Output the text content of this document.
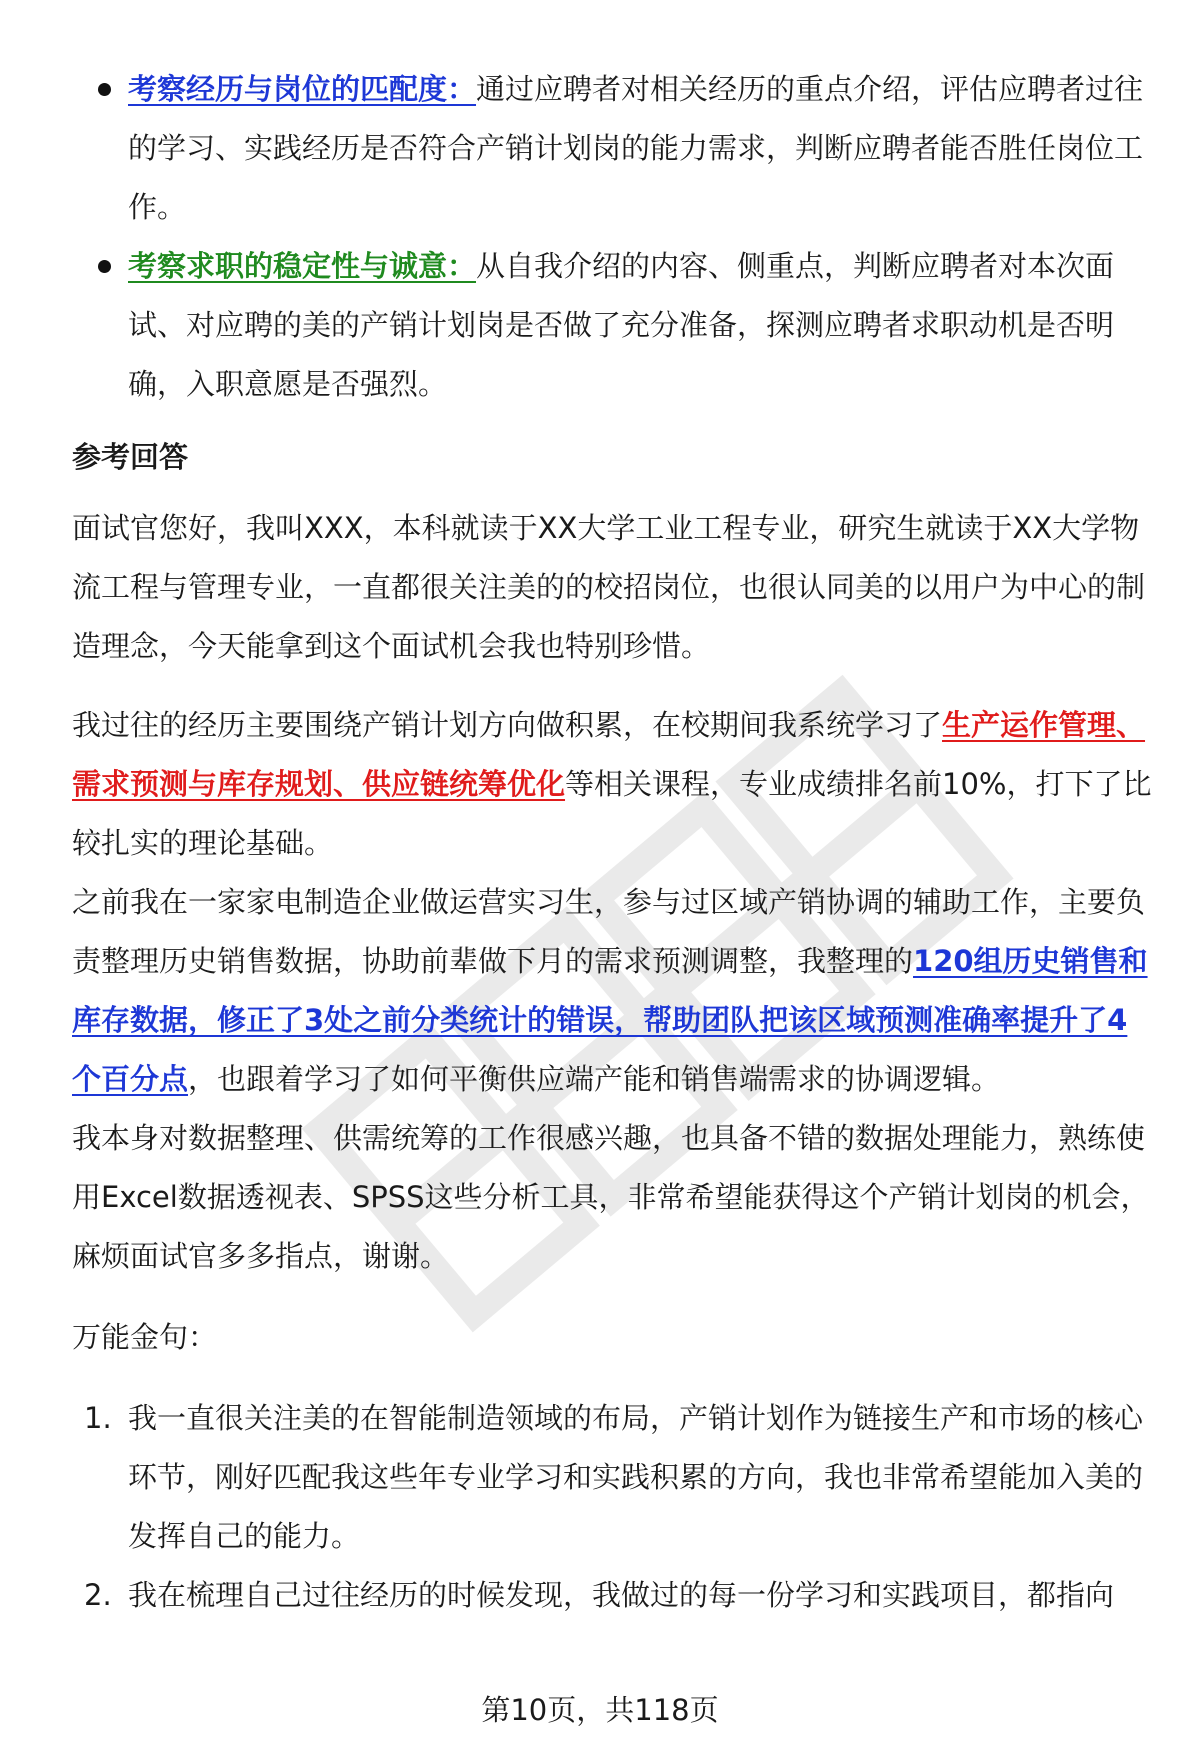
考察经历与岗位的匹配度：通过应聘者对相关经历的重点介绍，评估应聘者过往的学习、实践经历是否符合产销计划岗的能力需求，判断应聘者能否胜任岗位工作。
考察求职的稳定性与诚意：从自我介绍的内容、侧重点，判断应聘者对本次面试、对应聘的美的产销计划岗是否做了充分准备，探测应聘者求职动机是否明确，入职意愿是否强烈。
参考回答

面试官您好，我叫XXX，本科就读于XX大学工业工程专业，研究生就读于XX大学物流工程与管理专业，一直都很关注美的的校招岗位，也很认同美的以用户为中心的制造理念，今天能拿到这个面试机会我也特别珍惜。

我过往的经历主要围绕产销计划方向做积累，在校期间我系统学习了生产运作管理、需求预测与库存规划、供应链统筹优化等相关课程，专业成绩排名前10%，打下了比较扎实的理论基础。

之前我在一家家电制造企业做运营实习生，参与过区域产销协调的辅助工作，主要负责整理历史销售数据，协助前辈做下月的需求预测调整，我整理的120组历史销售和库存数据，修正了3处之前分类统计的错误，帮助团队把该区域预测准确率提升了4个百分点，也跟着学习了如何平衡供应端产能和销售端需求的协调逻辑。

我本身对数据整理、供需统筹的工作很感兴趣，也具备不错的数据处理能力，熟练使用Excel数据透视表、SPSS这些分析工具，非常希望能获得这个产销计划岗的机会，麻烦面试官多多指点，谢谢。

万能金句：

1. 我一直很关注美的在智能制造领域的布局，产销计划作为链接生产和市场的核心环节，刚好匹配我这些年专业学习和实践积累的方向，我也非常希望能加入美的发挥自己的能力。
2. 我在梳理自己过往经历的时候发现，我做过的每一份学习和实践项目，都指向
第10页，共118页
